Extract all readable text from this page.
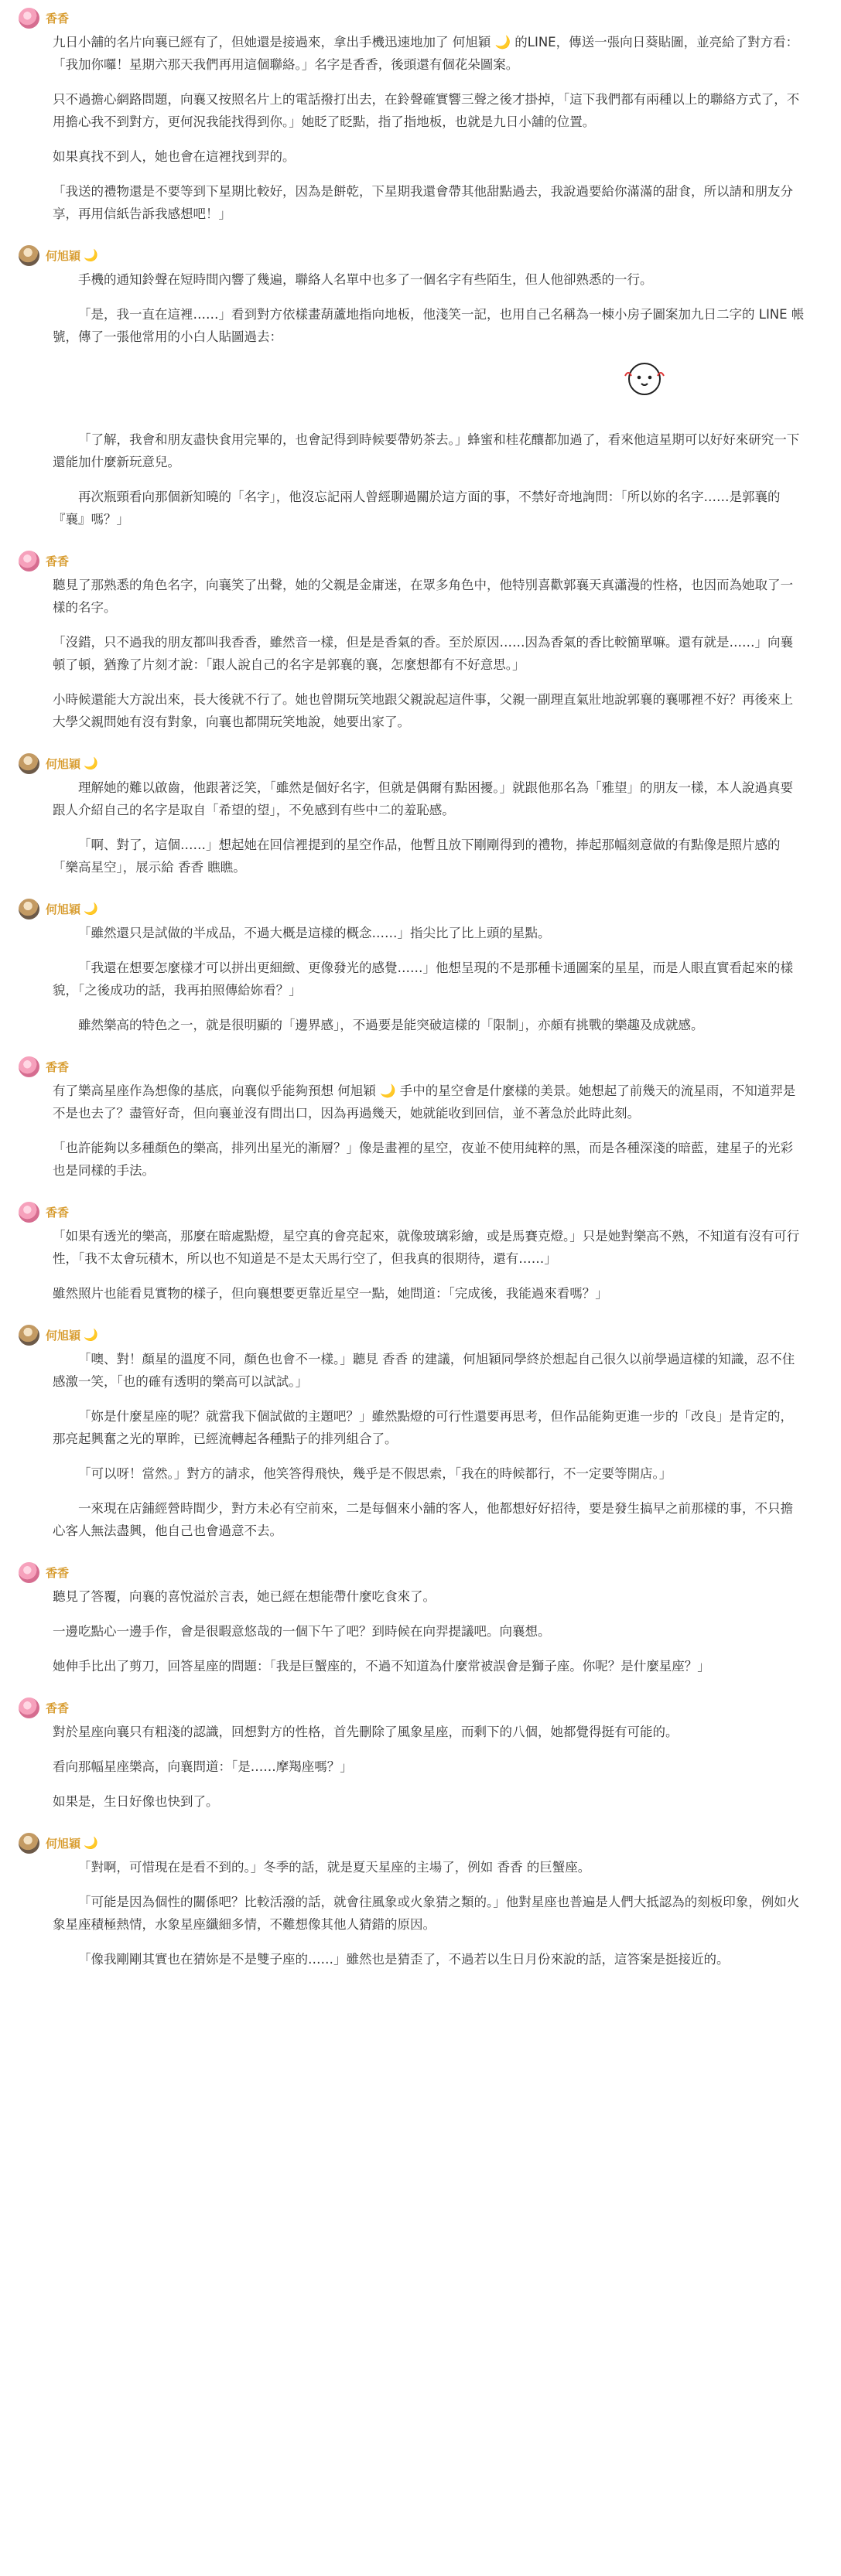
香香

九日小舖的名片向襄已經有了，但她還是接過來，拿出手機迅速地加了 何旭穎 🌙 的LINE，傳送一張向日葵貼圖，並亮給了對方看：「我加你囉！星期六那天我們再用這個聯絡。」名字是香香，後頭還有個花朵圖案。

只不過擔心網路問題，向襄又按照名片上的電話撥打出去，在鈴聲確實響三聲之後才掛掉，「這下我們都有兩種以上的聯絡方式了，不用擔心我不到對方，更何況我能找得到你。」她眨了眨點，指了指地板，也就是九日小舖的位置。

如果真找不到人，她也會在這裡找到羿的。

「我送的禮物還是不要等到下星期比較好，因為是餅乾，下星期我還會帶其他甜點過去，我說過要給你滿滿的甜食，所以請和朋友分享，再用信紙告訴我感想吧！」

何旭穎 🌙

手機的通知鈴聲在短時間內響了幾遍，聯絡人名單中也多了一個名字有些陌生，但人他卻熟悉的一行。

「是，我一直在這裡……」看到對方依樣畫葫蘆地指向地板，他淺笑一記，也用自己名稱為一棟小房子圖案加九日二字的 LINE 帳號，傳了一張他常用的小白人貼圖過去：

「了解，我會和朋友盡快食用完畢的，也會記得到時候要帶奶茶去。」蜂蜜和桂花釀都加過了，看來他這星期可以好好來研究一下還能加什麼新玩意兒。

再次瓶頸看向那個新知曉的「名字」，他沒忘記兩人曾經聊過關於這方面的事，不禁好奇地詢問：「所以妳的名字……是郭襄的『襄』嗎？」

香香

聽見了那熟悉的角色名字，向襄笑了出聲，她的父親是金庸迷，在眾多角色中，他特別喜歡郭襄天真瀟漫的性格，也因而為她取了一樣的名字。

「沒錯，只不過我的朋友都叫我香香，雖然音一樣，但是是香氣的香。至於原因……因為香氣的香比較簡單嘛。還有就是……」向襄頓了頓，猶豫了片刻才說：「跟人說自己的名字是郭襄的襄，怎麼想都有不好意思。」

小時候還能大方說出來，長大後就不行了。她也曾開玩笑地跟父親說起這件事，父親一副理直氣壯地說郭襄的襄哪裡不好？再後來上大學父親問她有沒有對象，向襄也都開玩笑地說，她要出家了。

何旭穎 🌙

理解她的難以啟齒，他跟著泛笑，「雖然是個好名字，但就是偶爾有點困擾。」就跟他那名為「雅望」的朋友一樣，本人說過真要跟人介紹自己的名字是取自「希望的望」，不免感到有些中二的羞恥感。

「啊、對了，這個……」想起她在回信裡提到的星空作品，他暫且放下剛剛得到的禮物，捧起那幅刻意做的有點像是照片感的「樂高星空」，展示給 香香 瞧瞧。

何旭穎 🌙

「雖然還只是試做的半成品，不過大概是這樣的概念……」指尖比了比上頭的星點。

「我還在想要怎麼樣才可以拼出更細緻、更像發光的感覺……」他想呈現的不是那種卡通圖案的星星，而是人眼直實看起來的樣貌，「之後成功的話，我再拍照傳給妳看？」

雖然樂高的特色之一，就是很明顯的「邊界感」，不過要是能突破這樣的「限制」，亦頗有挑戰的樂趣及成就感。

香香

有了樂高星座作為想像的基底，向襄似乎能夠預想 何旭穎 🌙 手中的星空會是什麼樣的美景。她想起了前幾天的流星雨，不知道羿是不是也去了？盡管好奇，但向襄並沒有問出口，因為再過幾天，她就能收到回信，並不著急於此時此刻。

「也許能夠以多種顏色的樂高，排列出星光的漸層？」像是畫裡的星空，夜並不使用純粹的黑，而是各種深淺的暗藍，建星子的光彩也是同樣的手法。

香香

「如果有透光的樂高，那麼在暗處點燈，星空真的會亮起來，就像玻璃彩繪，或是馬賽克燈。」只是她對樂高不熟，不知道有沒有可行性，「我不太會玩積木，所以也不知道是不是太天馬行空了，但我真的很期待，還有……」

雖然照片也能看見實物的樣子，但向襄想要更靠近星空一點，她問道：「完成後，我能過來看嗎？」

何旭穎 🌙

「噢、對！顏星的溫度不同，顏色也會不一樣。」聽見 香香 的建議，何旭穎同學終於想起自己很久以前學過這樣的知識，忍不住感激一笑，「也的確有透明的樂高可以試試。」

「妳是什麼星座的呢？就當我下個試做的主題吧？」雖然點燈的可行性還要再思考，但作品能夠更進一步的「改良」是肯定的，那亮起興奮之光的單眸，已經流轉起各種點子的排列組合了。

「可以呀！當然。」對方的請求，他笑答得飛快，幾乎是不假思索，「我在的時候都行，不一定要等開店。」

一來現在店鋪經營時間少，對方未必有空前來，二是每個來小舖的客人，他都想好好招待，要是發生搞早之前那樣的事，不只擔心客人無法盡興，他自己也會過意不去。

香香

聽見了答覆，向襄的喜悅溢於言表，她已經在想能帶什麼吃食來了。

一邊吃點心一邊手作，會是很暇意悠哉的一個下午了吧？到時候在向羿提議吧。向襄想。

她伸手比出了剪刀，回答星座的問題：「我是巨蟹座的，不過不知道為什麼常被誤會是獅子座。你呢？是什麼星座？」

香香

對於星座向襄只有粗淺的認識，回想對方的性格，首先刪除了風象星座，而剩下的八個，她都覺得挺有可能的。

看向那幅星座樂高，向襄問道：「是……摩羯座嗎？」

如果是，生日好像也快到了。

何旭穎 🌙

「對啊，可惜現在是看不到的。」冬季的話，就是夏天星座的主場了，例如 香香 的巨蟹座。

「可能是因為個性的關係吧？比較活潑的話，就會往風象或火象猜之類的。」他對星座也普遍是人們大抵認為的刻板印象，例如火象星座積極熱情，水象星座纖細多情，不難想像其他人猜錯的原因。

「像我剛剛其實也在猜妳是不是雙子座的……」雖然也是猜歪了，不過若以生日月份來說的話，這答案是挺接近的。
